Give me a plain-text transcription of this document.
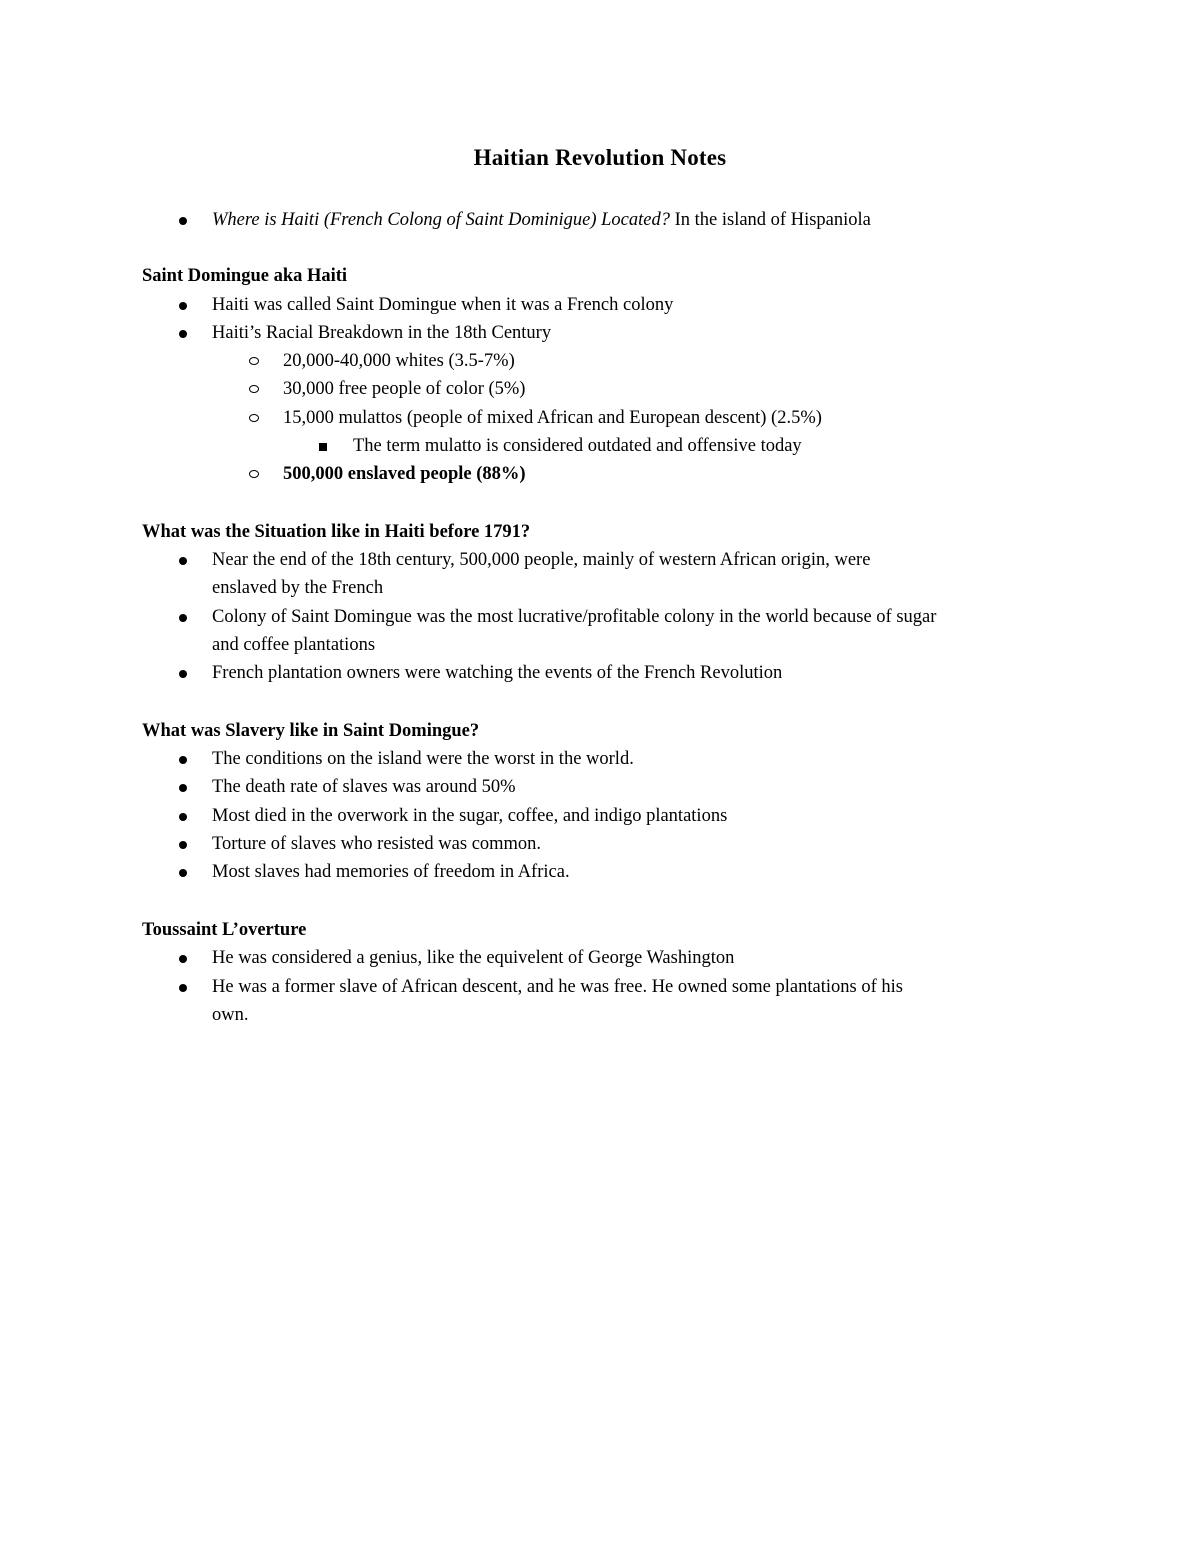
Haitian Revolution Notes
Where is Haiti (French Colong of Saint Dominigue) Located? In the island of Hispaniola
Saint Domingue aka Haiti
Haiti was called Saint Domingue when it was a French colony
Haiti’s Racial Breakdown in the 18th Century
20,000-40,000 whites (3.5-7%)
30,000 free people of color (5%)
15,000 mulattos (people of mixed African and European descent) (2.5%)
The term mulatto is considered outdated and offensive today
500,000 enslaved people (88%)
What was the Situation like in Haiti before 1791?
Near the end of the 18th century, 500,000 people, mainly of western African origin, were
enslaved by the French
Colony of Saint Domingue was the most lucrative/profitable colony in the world because of sugar
and coffee plantations
French plantation owners were watching the events of the French Revolution
What was Slavery like in Saint Domingue?
The conditions on the island were the worst in the world.
The death rate of slaves was around 50%
Most died in the overwork in the sugar, coffee, and indigo plantations
Torture of slaves who resisted was common.
Most slaves had memories of freedom in Africa.
Toussaint L’overture
He was considered a genius, like the equivelent of George Washington
He was a former slave of African descent, and he was free. He owned some plantations of his
own.
